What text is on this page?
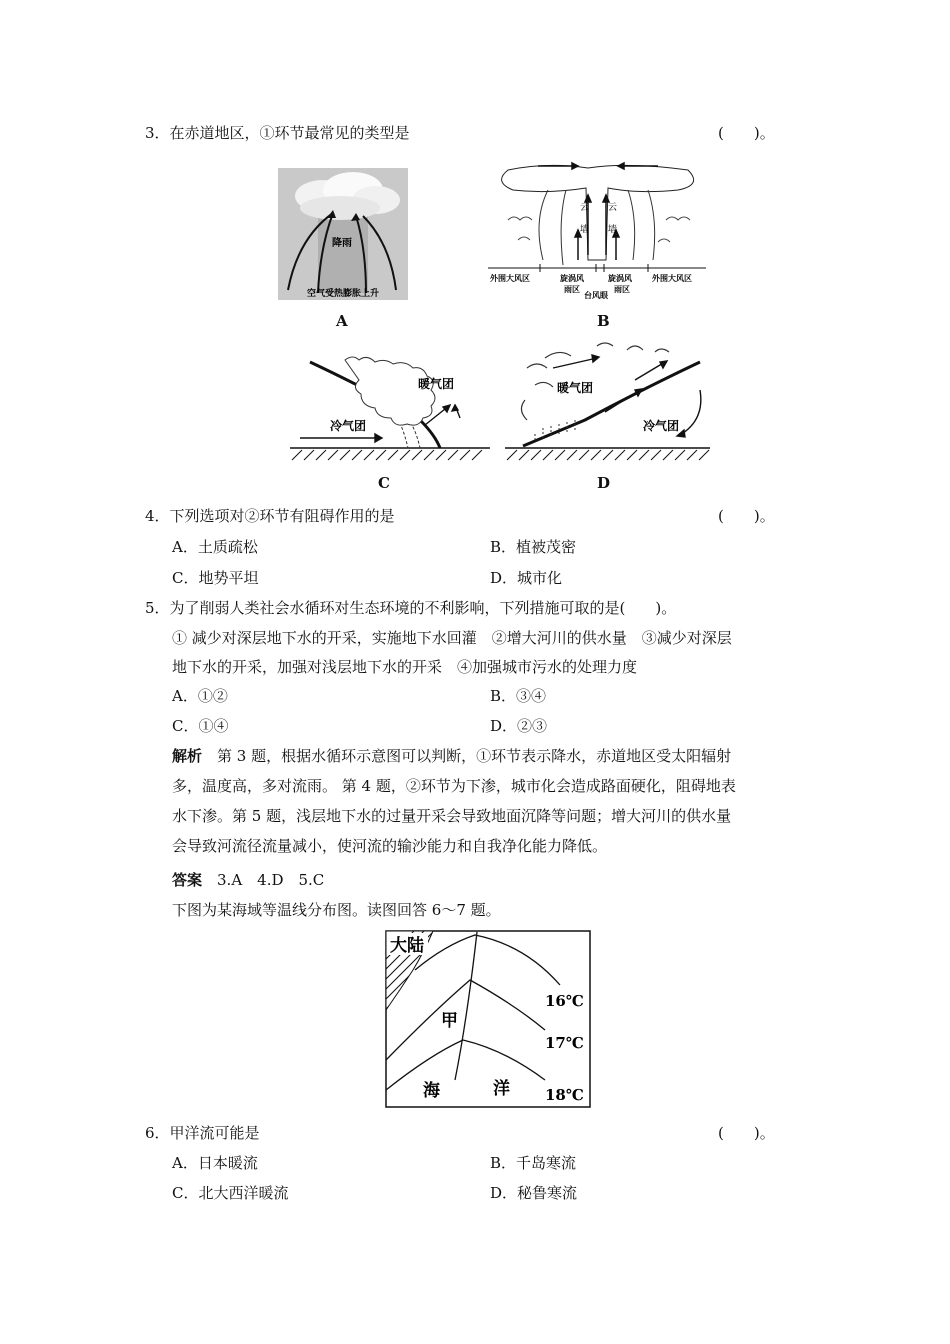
3．在赤道地区，①环节最常见的类型是	(　　)。
降雨
空气受热膨胀上升
A
云
墙
云
墙
外围大风区	旋涡风
雨区
台风眼
旋涡风
雨区
外围大风区
B
暖气团
冷气团
C
暖气团
冷气团
D
4．下列选项对②环节有阻碍作用的是	(　　)。
A．土质疏松	B．植被茂密
C．地势平坦	D．城市化
5．为了削弱人类社会水循环对生态环境的不利影响，下列措施可取的是(　　)。
① 减少对深层地下水的开采，实施地下水回灌　②增大河川的供水量　③减少对深层
地下水的开采，加强对浅层地下水的开采　④加强城市污水的处理力度
A．①②	B．③④
C．①④	D．②③
解析　第 3 题，根据水循环示意图可以判断，①环节表示降水，赤道地区受太阳辐射
多，温度高，多对流雨。 第 4 题，②环节为下渗，城市化会造成路面硬化，阻碍地表
水下渗。第 5 题，浅层地下水的过量开采会导致地面沉降等问题；增大河川的供水量
会导致河流径流量减小，使河流的输沙能力和自我净化能力降低。
答案　3.A　4.D　5.C
下图为某海域等温线分布图。读图回答 6～7 题。
大陆
16℃
17℃
18℃
甲
海	洋
6．甲洋流可能是	(　　)。
A．日本暖流	B．千岛寒流
C．北大西洋暖流	D．秘鲁寒流
